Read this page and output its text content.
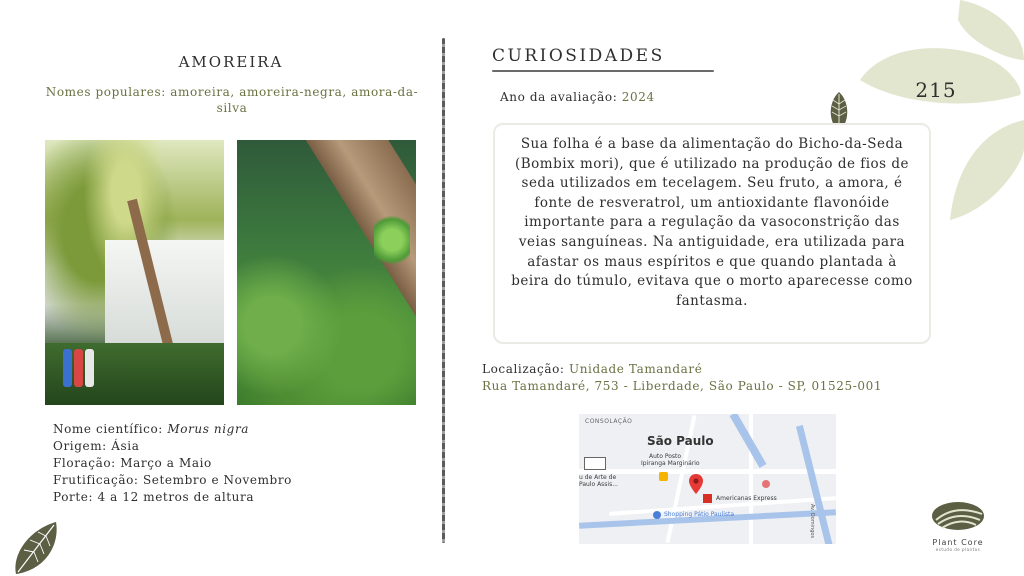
AMOREIRA
Nomes populares: amoreira, amoreira-negra, amora-da-silva
Nome científico: Morus nigra
Origem: Ásia
Floração: Março a Maio
Frutificação: Setembro e Novembro
Porte: 4 a 12 metros de altura
CURIOSIDADES
Ano da avaliação: 2024
Sua folha é a base da alimentação do Bicho-da-Seda (Bombix mori), que é utilizado na produção de fios de seda utilizados em tecelagem. Seu fruto, a amora, é fonte de resveratrol, um antioxidante flavonóide importante para a regulação da vasoconstrição das veias sanguíneas. Na antiguidade, era utilizada para afastar os maus espíritos e que quando plantada à beira do túmulo, evitava que o morto aparecesse como fantasma.
Localização: Unidade Tamandaré
Rua Tamandaré, 753 - Liberdade, São Paulo - SP, 01525-001
CONSOLAÇÃO
São Paulo
Auto Posto
Ipiranga Marginário
u de Arte de
Paulo Assis...
Americanas Express
Shopping Pátio Paulista	Av. Domingos
215
Plant Core
estudo de plantas
